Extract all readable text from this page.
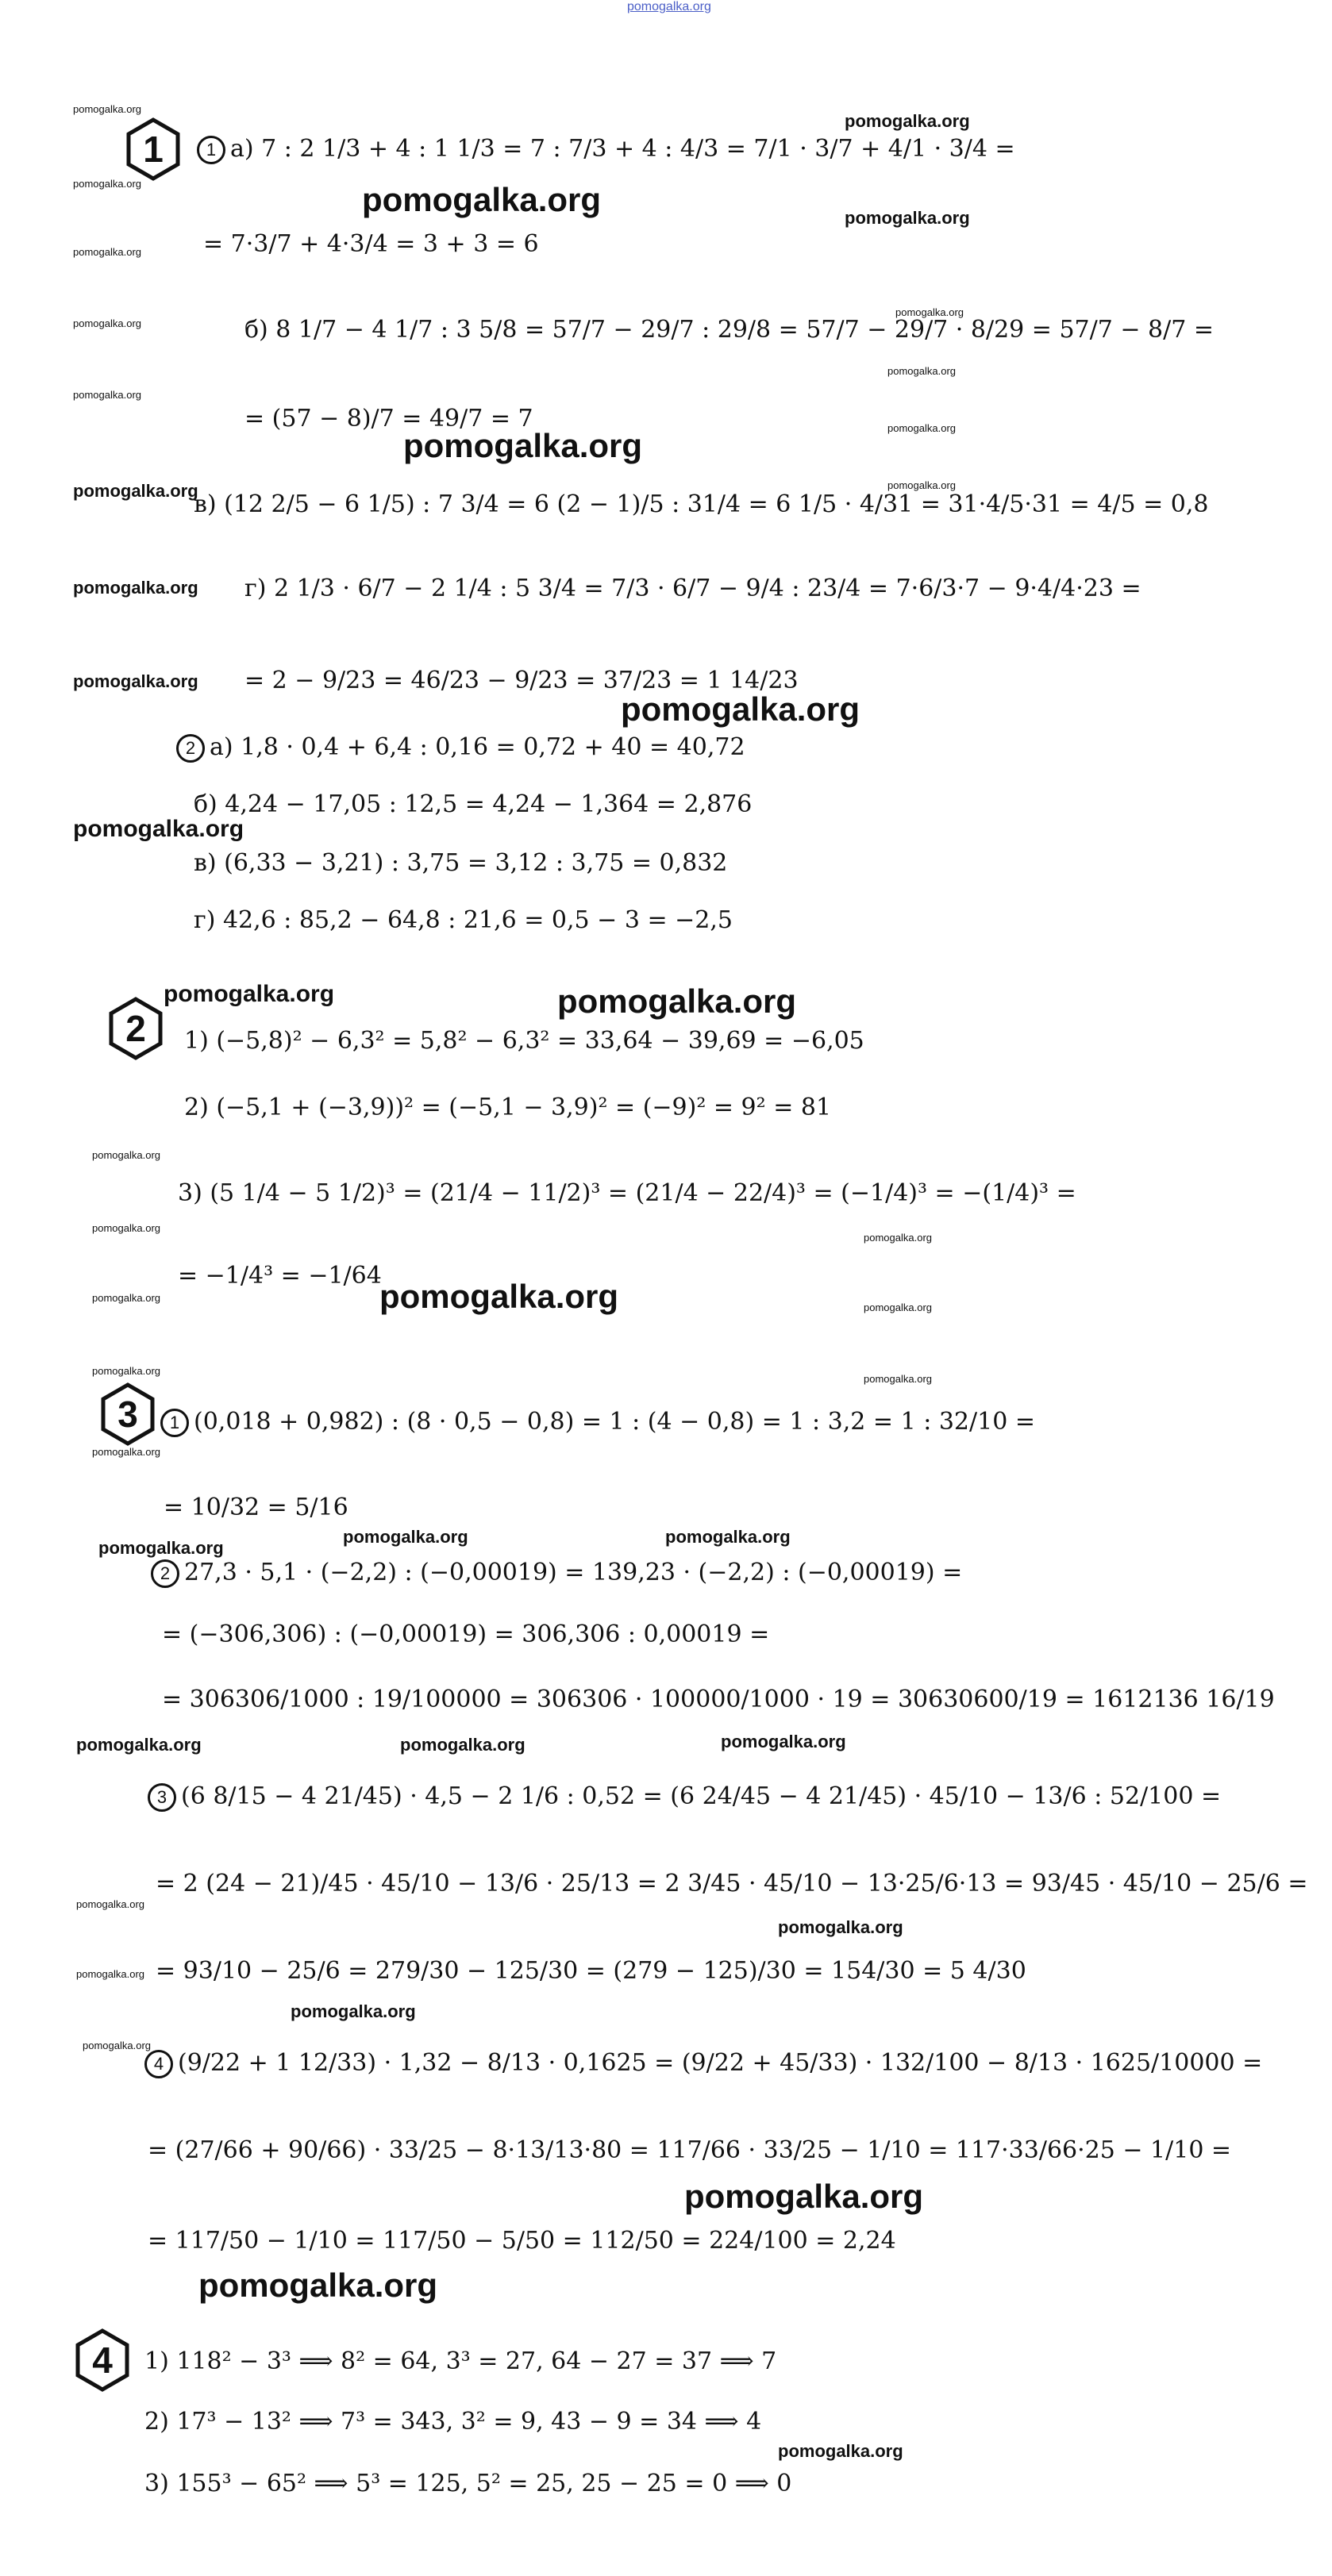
pomogalka.org
1	1 а) 7 : 2 1/3 + 4 : 1 1/3 = 7 : 7/3 + 4 : 4/3 = 7/1 · 3/7 + 4/1 · 3/4 =
= 7·3/7 + 4·3/4 = 3 + 3 = 6
б) 8 1/7 − 4 1/7 : 3 5/8 = 57/7 − 29/7 : 29/8 = 57/7 − 29/7 · 8/29 = 57/7 − 8/7 =
= (57 − 8)/7 = 49/7 = 7
в) (12 2/5 − 6 1/5) : 7 3/4 = 6 (2 − 1)/5 : 31/4 = 6 1/5 · 4/31 = 31·4/5·31 = 4/5 = 0,8
г) 2 1/3 · 6/7 − 2 1/4 : 5 3/4 = 7/3 · 6/7 − 9/4 : 23/4 = 7·6/3·7 − 9·4/4·23 =
= 2 − 9/23 = 46/23 − 9/23 = 37/23 = 1 14/23
2 а) 1,8 · 0,4 + 6,4 : 0,16 = 0,72 + 40 = 40,72
б) 4,24 − 17,05 : 12,5 = 4,24 − 1,364 = 2,876
в) (6,33 − 3,21) : 3,75 = 3,12 : 3,75 = 0,832
г) 42,6 : 85,2 − 64,8 : 21,6 = 0,5 − 3 = −2,5
2	1) (−5,8)² − 6,3² = 5,8² − 6,3² = 33,64 − 39,69 = −6,05
2) (−5,1 + (−3,9))² = (−5,1 − 3,9)² = (−9)² = 9² = 81
3) (5 1/4 − 5 1/2)³ = (21/4 − 11/2)³ = (21/4 − 22/4)³ = (−1/4)³ = −(1/4)³ =
= −1/4³ = −1/64
3	1 (0,018 + 0,982) : (8 · 0,5 − 0,8) = 1 : (4 − 0,8) = 1 : 3,2 = 1 : 32/10 =
= 10/32 = 5/16
2 27,3 · 5,1 · (−2,2) : (−0,00019) = 139,23 · (−2,2) : (−0,00019) =
= (−306,306) : (−0,00019) = 306,306 : 0,00019 =
= 306306/1000 : 19/100000 = 306306 · 100000/1000 · 19 = 30630600/19 = 1612136 16/19
3 (6 8/15 − 4 21/45) · 4,5 − 2 1/6 : 0,52 = (6 24/45 − 4 21/45) · 45/10 − 13/6 : 52/100 =
= 2 (24 − 21)/45 · 45/10 − 13/6 · 25/13 = 2 3/45 · 45/10 − 13·25/6·13 = 93/45 · 45/10 − 25/6 =
= 93/10 − 25/6 = 279/30 − 125/30 = (279 − 125)/30 = 154/30 = 5 4/30
4 (9/22 + 1 12/33) · 1,32 − 8/13 · 0,1625 = (9/22 + 45/33) · 132/100 − 8/13 · 1625/10000 =
= (27/66 + 90/66) · 33/25 − 8·13/13·80 = 117/66 · 33/25 − 1/10 = 117·33/66·25 − 1/10 =
= 117/50 − 1/10 = 117/50 − 5/50 = 112/50 = 224/100 = 2,24
4	1) 118² − 3³ ⟹ 8² = 64, 3³ = 27, 64 − 27 = 37 ⟹ 7
2) 17³ − 13² ⟹ 7³ = 343, 3² = 9, 43 − 9 = 34 ⟹ 4
3) 155³ − 65² ⟹ 5³ = 125, 5² = 25, 25 − 25 = 0 ⟹ 0
pomogalka.org
pomogalka.org
pomogalka.org
pomogalka.org	pomogalka.org
pomogalka.org
pomogalka.org
pomogalka.org
pomogalka.org
pomogalka.org
pomogalka.org
pomogalka.org
pomogalka.org	pomogalka.org
pomogalka.org
pomogalka.org
pomogalka.org
pomogalka.org
pomogalka.org	pomogalka.org
pomogalka.org
pomogalka.org
pomogalka.org
pomogalka.org	pomogalka.org	pomogalka.org
pomogalka.org
pomogalka.org
pomogalka.org
pomogalka.org	pomogalka.org
pomogalka.org
pomogalka.org	pomogalka.org	pomogalka.org
pomogalka.org
pomogalka.org
pomogalka.org
pomogalka.org
pomogalka.org
pomogalka.org
pomogalka.org
pomogalka.org
